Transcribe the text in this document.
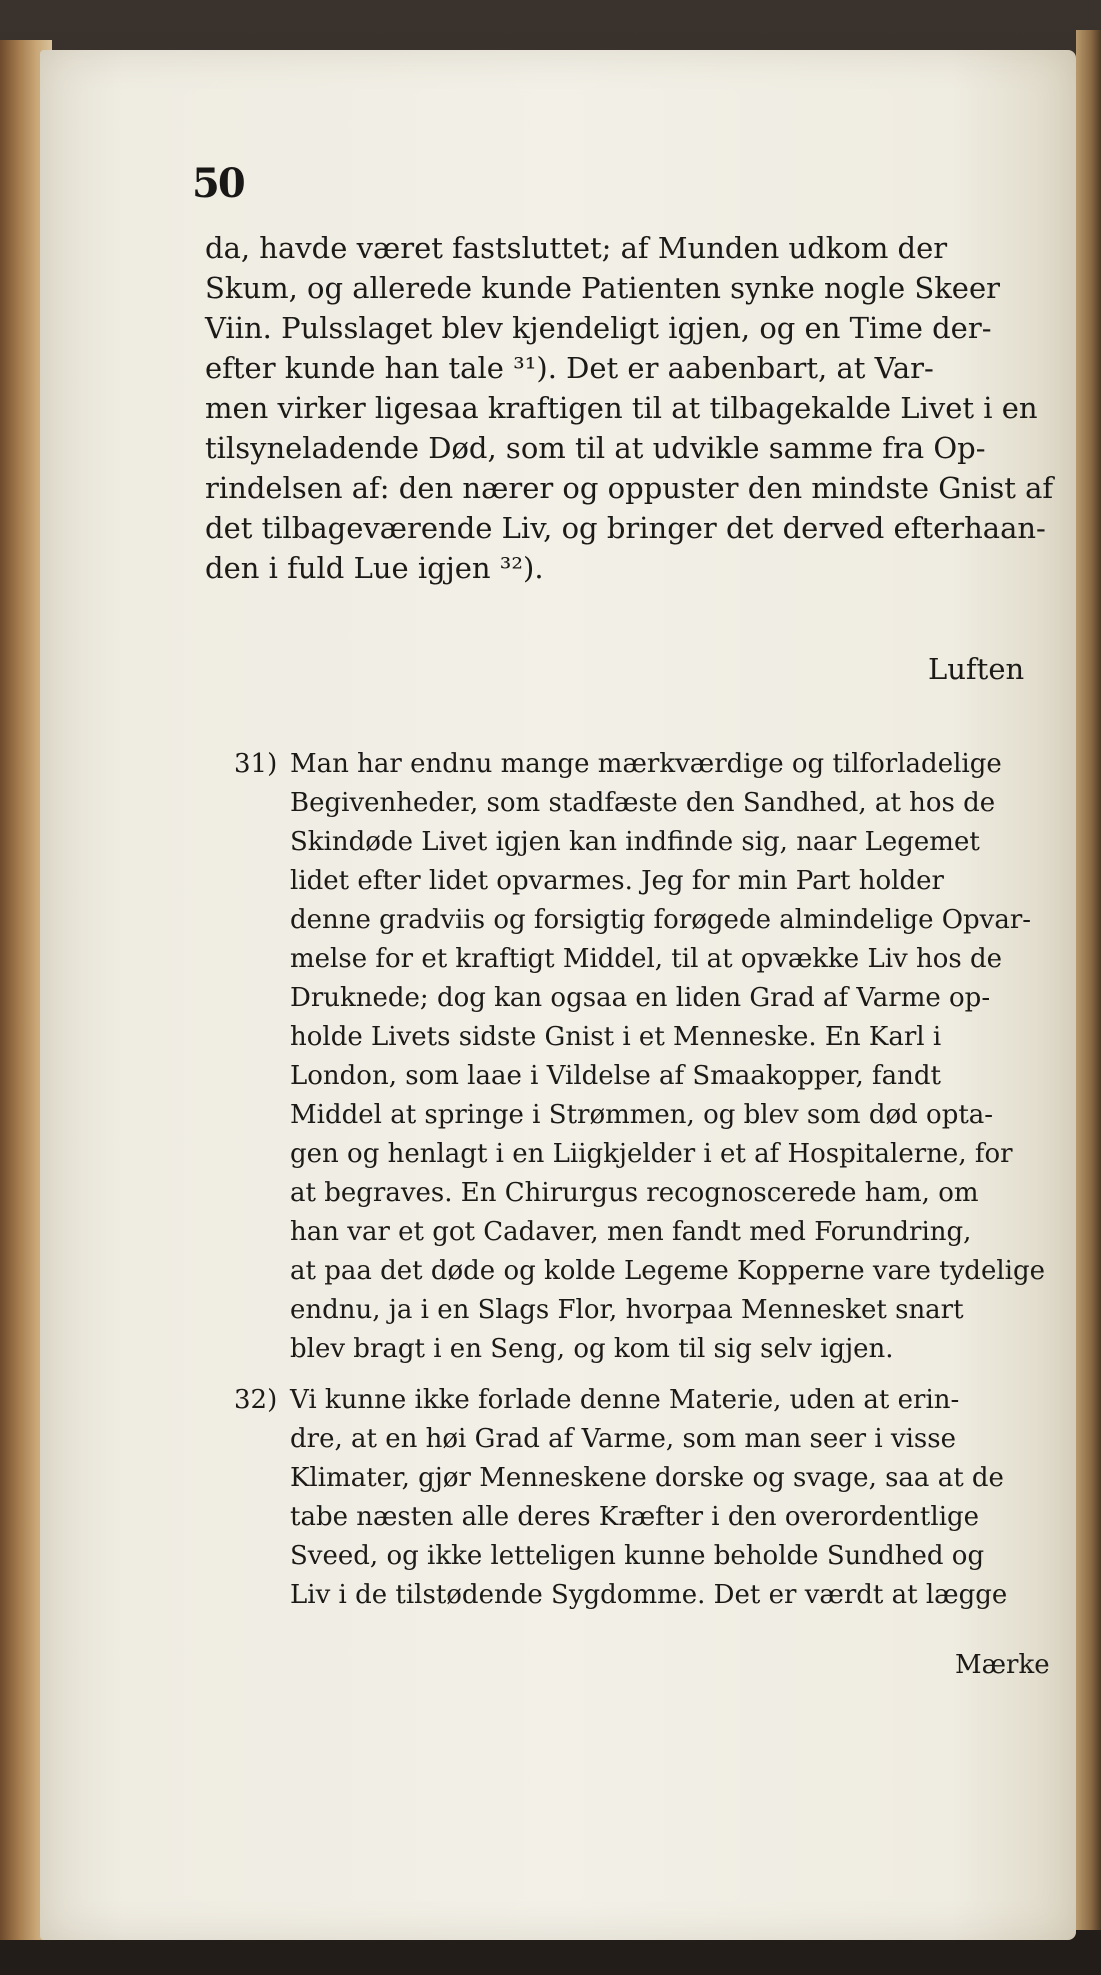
50
da, havde været fastsluttet; af Munden udkom der
Skum, og allerede kunde Patienten synke nogle Skeer
Viin. Pulsslaget blev kjendeligt igjen, og en Time der-
efter kunde han tale ³¹). Det er aabenbart, at Var-
men virker ligesaa kraftigen til at tilbagekalde Livet i en
tilsyneladende Død, som til at udvikle samme fra Op-
rindelsen af: den nærer og oppuster den mindste Gnist af
det tilbageværende Liv, og bringer det derved efterhaan-
den i fuld Lue igjen ³²).
Luften
31) Man har endnu mange mærkværdige og tilforladelige
Begivenheder, som stadfæste den Sandhed, at hos de
Skindøde Livet igjen kan indfinde sig, naar Legemet
lidet efter lidet opvarmes. Jeg for min Part holder
denne gradviis og forsigtig forøgede almindelige Opvar-
melse for et kraftigt Middel, til at opvække Liv hos de
Druknede; dog kan ogsaa en liden Grad af Varme op-
holde Livets sidste Gnist i et Menneske. En Karl i
London, som laae i Vildelse af Smaakopper, fandt
Middel at springe i Strømmen, og blev som død opta-
gen og henlagt i en Liigkjelder i et af Hospitalerne, for
at begraves. En Chirurgus recognoscerede ham, om
han var et got Cadaver, men fandt med Forundring,
at paa det døde og kolde Legeme Kopperne vare tydelige
endnu, ja i en Slags Flor, hvorpaa Mennesket snart
blev bragt i en Seng, og kom til sig selv igjen.
32) Vi kunne ikke forlade denne Materie, uden at erin-
dre, at en høi Grad af Varme, som man seer i visse
Klimater, gjør Menneskene dorske og svage, saa at de
tabe næsten alle deres Kræfter i den overordentlige
Sveed, og ikke letteligen kunne beholde Sundhed og
Liv i de tilstødende Sygdomme. Det er værdt at lægge
Mærke
